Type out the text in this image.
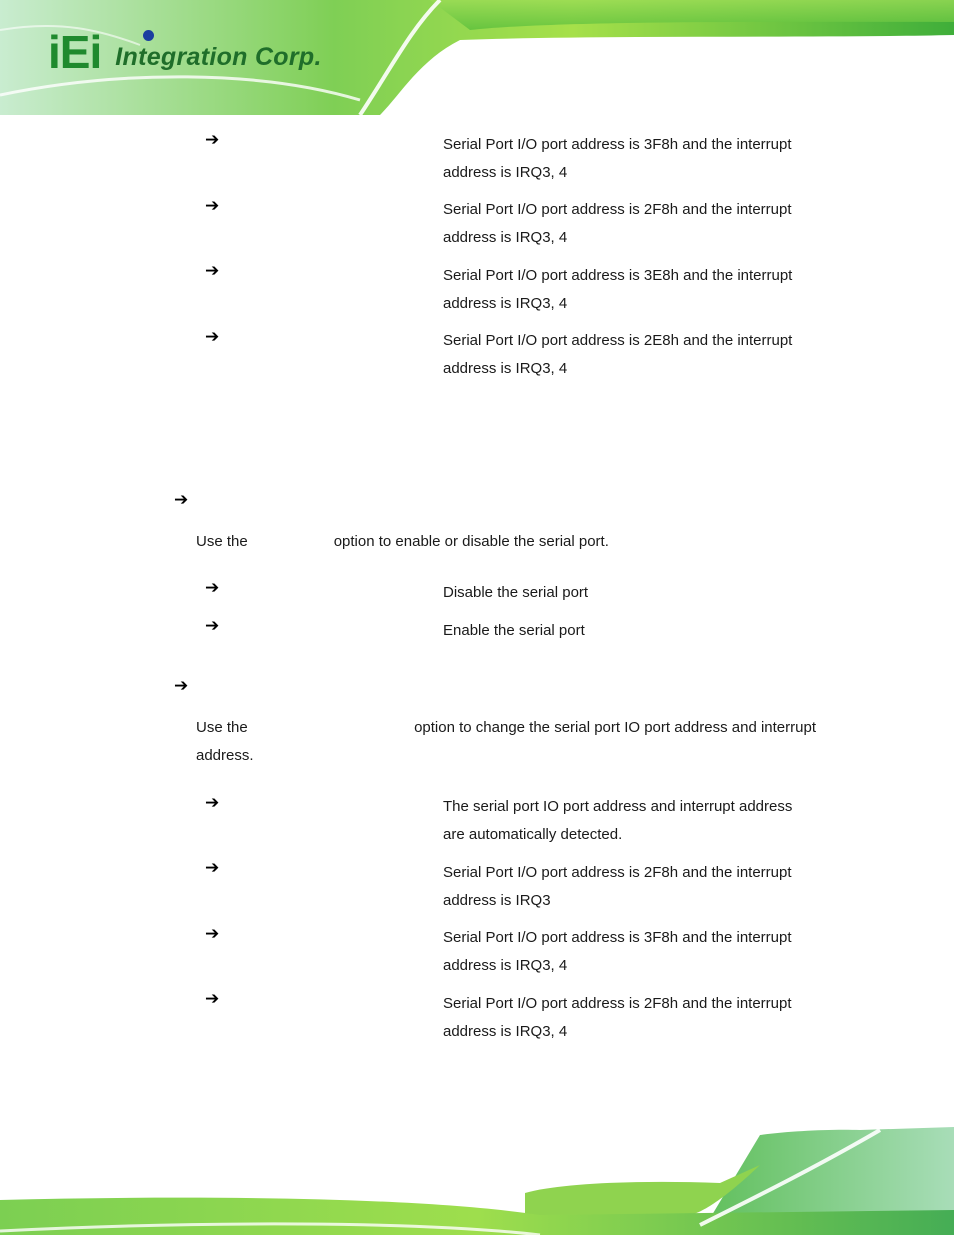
iEi Integration Corp.
➔	Serial Port I/O port address is 3F8h and the interrupt
address is IRQ3, 4
➔	Serial Port I/O port address is 2F8h and the interrupt
address is IRQ3, 4
➔	Serial Port I/O port address is 3E8h and the interrupt
address is IRQ3, 4
➔	Serial Port I/O port address is 2E8h and the interrupt
address is IRQ3, 4
➔
Use the	option to enable or disable the serial port.
➔	Disable the serial port
➔	Enable the serial port
➔
Use the	option to change the serial port IO port address and interrupt
address.
➔	The serial port IO port address and interrupt address
are automatically detected.
➔	Serial Port I/O port address is 2F8h and the interrupt
address is IRQ3
➔	Serial Port I/O port address is 3F8h and the interrupt
address is IRQ3, 4
➔	Serial Port I/O port address is 2F8h and the interrupt
address is IRQ3, 4
